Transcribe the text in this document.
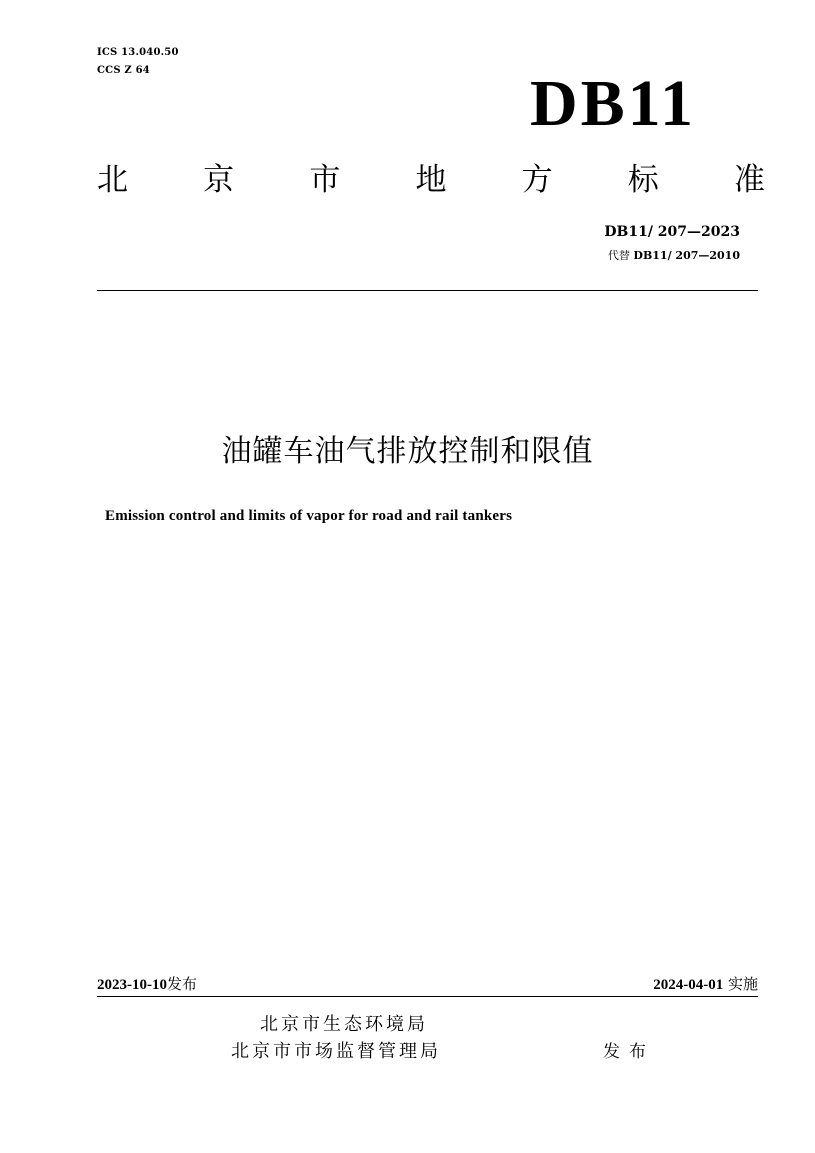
ICS 13.040.50
CCS Z 64	DB11
北 京 市 地 方 标 准
DB11/ 207—2023
代替 DB11/ 207—2010
油罐车油气排放控制和限值
Emission control and limits of vapor for road and rail tankers
2023-10-10发布	2024-04-01 实施
北京市生态环境局
北京市市场监督管理局	发布
